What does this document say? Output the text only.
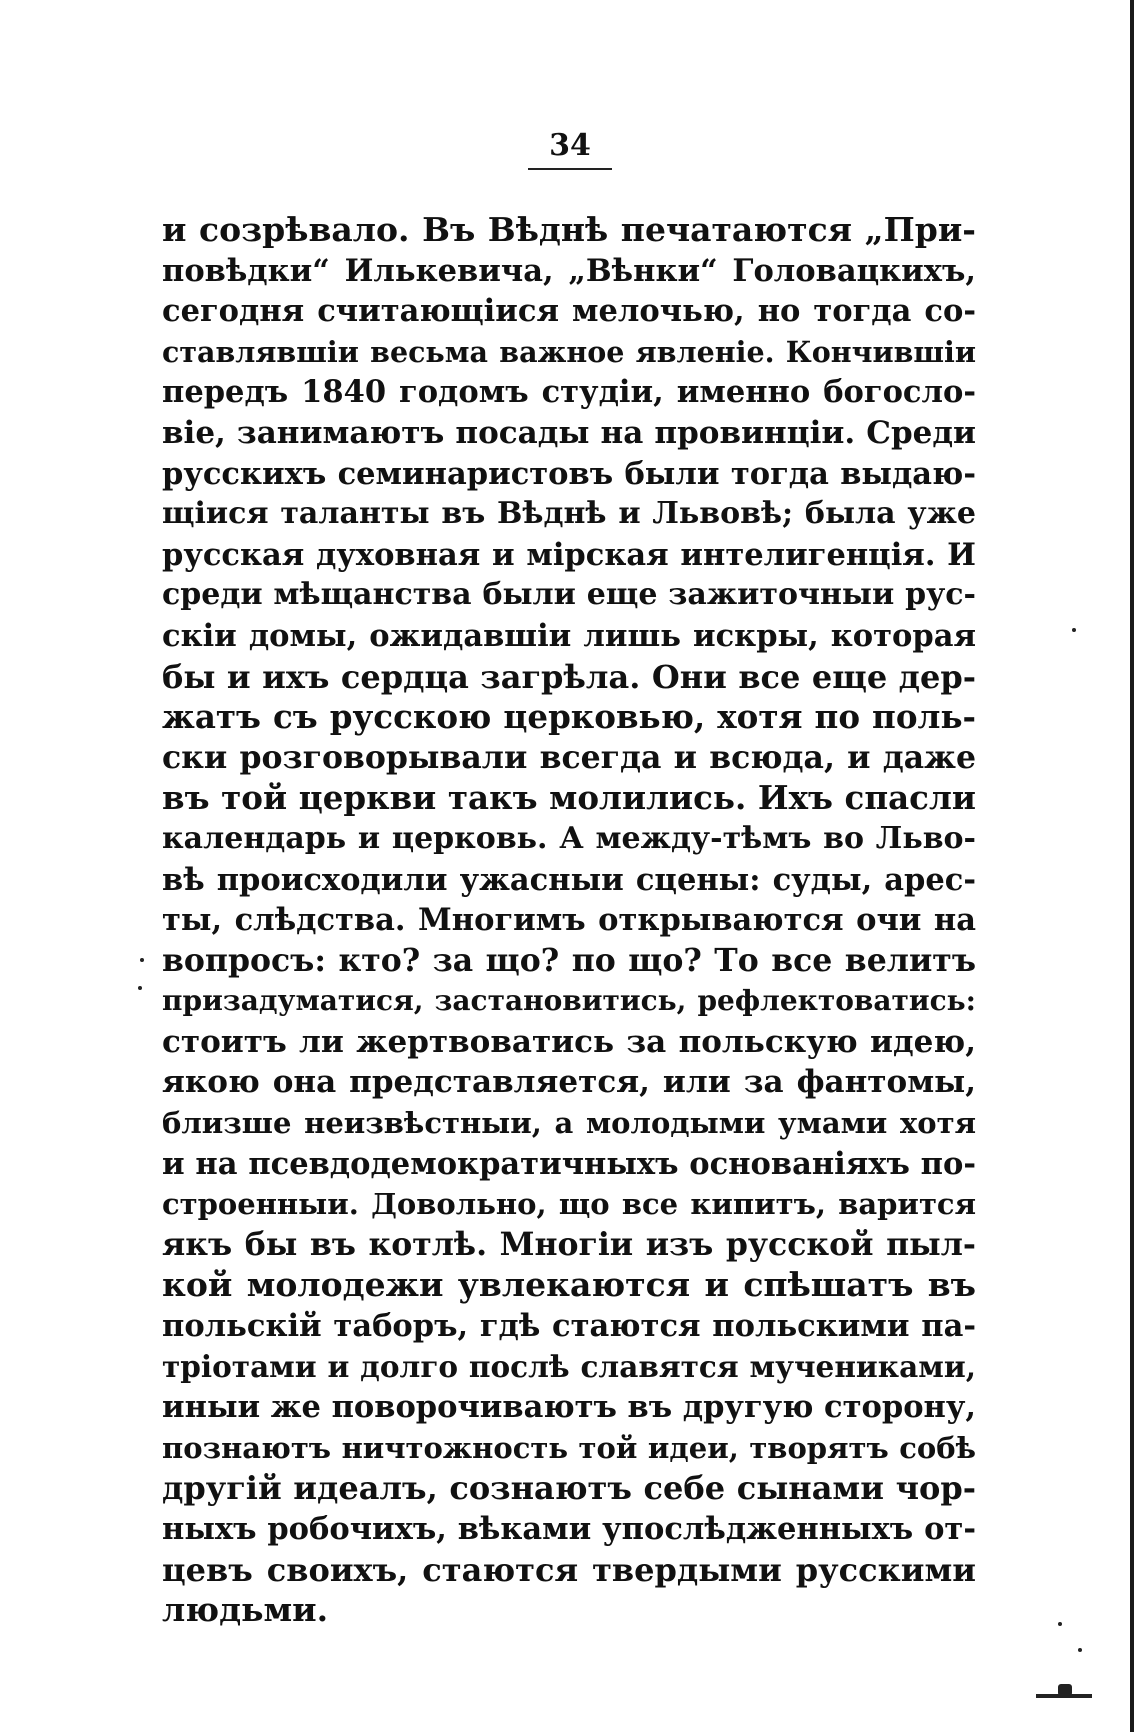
34
и созрѣвало. Въ Вѣднѣ печатаются „При-
повѣдки“ Илькевича, „Вѣнки“ Головацкихъ,
сегодня считающіися мелочью, но тогда со-
ставлявшіи весьма важное явленіе. Кончившіи
передъ 1840 годомъ студіи, именно богосло-
віе, занимаютъ посады на провинціи. Среди
русскихъ семинаристовъ были тогда выдаю-
щіися таланты въ Вѣднѣ и Львовѣ; была уже
русская духовная и мірская интелигенція. И
среди мѣщанства были еще зажиточныи рус-
скіи домы, ожидавшіи лишь искры, которая
бы и ихъ сердца загрѣла. Они все еще дер-
жатъ съ русскою церковью, хотя по поль-
ски розговорывали всегда и всюда, и даже
въ той церкви такъ молились. Ихъ спасли
календарь и церковь. А между-тѣмъ во Льво-
вѣ происходили ужасныи сцены: суды, арес-
ты, слѣдства. Многимъ открываются очи на
вопросъ: кто? за що? по що? То все велитъ
призадуматися, застановитись, рефлектоватись:
стоитъ ли жертвоватись за польскую идею,
якою она представляется, или за фантомы,
близше неизвѣстныи, а молодыми умами хотя
и на псевдодемократичныхъ основаніяхъ по-
строенныи. Довольно, що все кипитъ, варится
якъ бы въ котлѣ. Многіи изъ русской пыл-
кой молодежи увлекаются и спѣшатъ въ
польскій таборъ, гдѣ стаются польскими па-
тріотами и долго послѣ славятся мучениками,
иныи же поворочиваютъ въ другую сторону,
познаютъ ничтожность той идеи, творятъ собѣ
другій идеалъ, сознаютъ себе сынами чор-
ныхъ робочихъ, вѣками упослѣдженныхъ от-
цевъ своихъ, стаются твердыми русскими
людьми.
